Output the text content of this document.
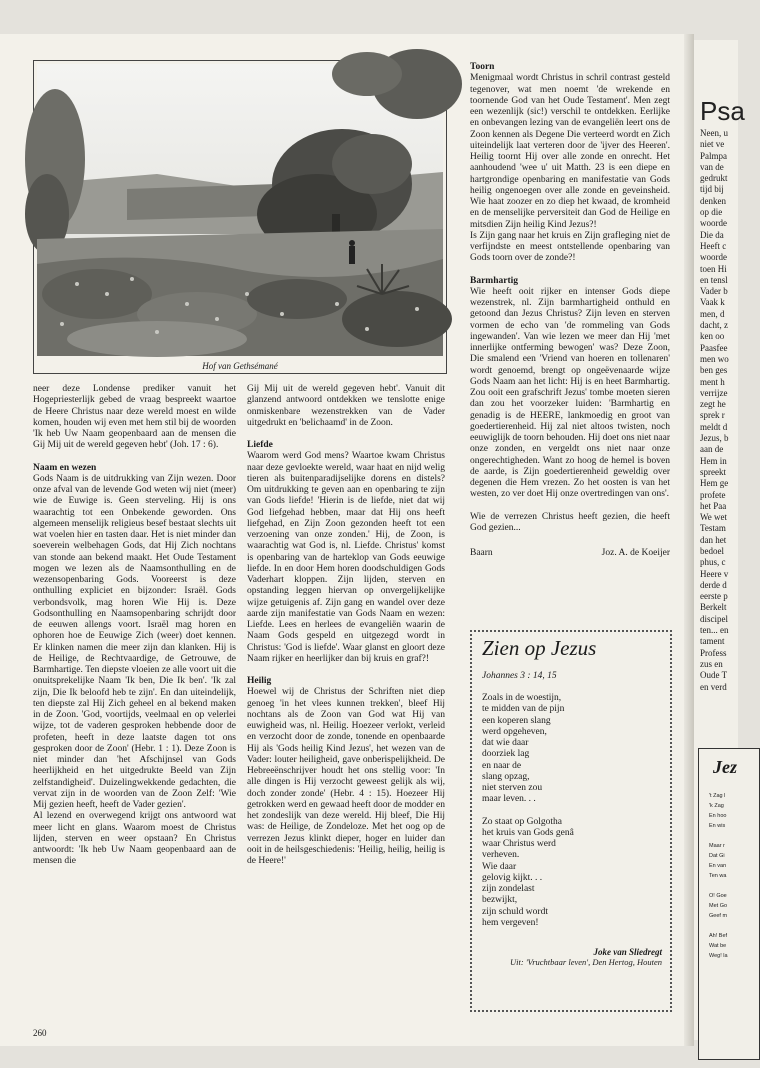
Hof van Gethsémané

neer deze Londense prediker vanuit het Hogepriesterlijk gebed de vraag bespreekt waartoe de Heere Christus naar deze wereld moest en wilde komen, houden wij even met hem stil bij de woorden 'Ik heb Uw Naam geopenbaard aan de mensen die Gij Mij uit de wereld gegeven hebt' (Joh. 17 : 6).

Naam en wezen

Gods Naam is de uitdrukking van Zijn wezen. Door onze afval van de levende God weten wij niet (meer) wie de Euwige is. Geen sterveling. Hij is ons waarachtig tot een Onbekende geworden. Ons algemeen menselijk religieus besef bestaat slechts uit wat voelen hier en tasten daar. Het is niet minder dan soeverein welbehagen Gods, dat Hij Zich nochtans van stonde aan bekend maakt. Het Oude Testament mogen we lezen als de Naamsonthulling en de wezensopenbaring Gods. Vooreerst is deze onthulling expliciet en bijzonder: Israël. Gods verbondsvolk, mag horen Wie Hij is. Deze Godsonthulling en Naamsopenbaring schrijdt door de eeuwen allengs voort. Israël mag horen en ophoren hoe de Eeuwige Zich (weer) doet kennen. Er klinken namen die meer zijn dan klanken. Hij is de Heilige, de Rechtvaardige, de Getrouwe, de Barmhartige. Ten diepste vloeien ze alle voort uit die onuitsprekelijke Naam 'Ik ben, Die Ik ben'. 'Ik zal zijn, Die Ik beloofd heb te zijn'. En dan uiteindelijk, ten diepste zal Hij Zich geheel en al bekend maken in de Zoon. 'God, voortijds, veelmaal en op velerlei wijze, tot de vaderen gesproken hebbende door de profeten, heeft in deze laatste dagen tot ons gesproken door de Zoon' (Hebr. 1 : 1). Deze Zoon is niet minder dan 'het Afschijnsel van Gods heerlijkheid en het uitgedrukte Beeld van Zijn zelfstandigheid'. Duizelingwekkende gedachten, die vervat zijn in de woorden van de Zoon Zelf: 'Wie Mij gezien heeft, heeft de Vader gezien'.

Al lezend en overwegend krijgt ons antwoord wat meer licht en glans. Waarom moest de Christus lijden, sterven en weer opstaan? En Christus antwoordt: 'Ik heb Uw Naam geopenbaard aan de mensen die

Gij Mij uit de wereld gegeven hebt'. Vanuit dit glanzend antwoord ontdekken we tenslotte enige onmiskenbare wezenstrekken van de Vader uitgedrukt en 'belichaamd' in de Zoon.

Liefde

Waarom werd God mens? Waartoe kwam Christus naar deze gevloekte wereld, waar haat en nijd welig tieren als buitenparadijselijke dorens en distels? Om uitdrukking te geven aan en openbaring te zijn van Gods liefde! 'Hierin is de liefde, niet dat wij God liefgehad hebben, maar dat Hij ons heeft liefgehad, en Zijn Zoon gezonden heeft tot een verzoening van onze zonden.' Hij, de Zoon, is waarachtig wat God is, nl. Liefde. Christus' komst is openbaring van de harteklop van Gods eeuwige liefde. In en door Hem horen doodschuldigen Gods Vaderhart kloppen. Zijn lijden, sterven en opstanding leggen hiervan op onvergelijkelijke wijze getuigenis af. Zijn gang en wandel over deze aarde zijn manifestatie van Gods Naam en wezen: Liefde. Lees en herlees de evangeliën waarin de Naam Gods gespeld en uitgezegd wordt in Christus: 'God is liefde'. Waar glanst en gloort deze Naam rijker en heerlijker dan bij kruis en graf?!

Heilig

Hoewel wij de Christus der Schriften niet diep genoeg 'in het vlees kunnen trekken', bleef Hij nochtans als de Zoon van God wat Hij van euwigheid was, nl. Heilig. Hoezeer verlokt, verleid en verzocht door de zonde, tonende en openbaarde Hij als 'Gods heilig Kind Jezus', het wezen van de Vader: louter heiligheid, gave onberispelijkheid. De Hebreeënschrijver houdt het ons stellig voor: 'In alle dingen is Hij verzocht geweest gelijk als wij, doch zonder zonde' (Hebr. 4 : 15). Hoezeer Hij getrokken werd en gewaad heeft door de modder en het zondeslijk van deze wereld. Hij bleef, Die Hij was: de Heilige, de Zondeloze. Met het oog op de verrezen Jezus klinkt dieper, hoger en luider dan ooit in de heilsgeschiedenis: 'Heilig, heilig, heilig is de Heere!'

Toorn

Menigmaal wordt Christus in schril contrast gesteld tegenover, wat men noemt 'de wrekende en toornende God van het Oude Testament'. Men zegt een wezenlijk (sic!) verschil te ontdekken. Eerlijke en onbevangen lezing van de evangeliën leert ons de Zoon kennen als Degene Die verteerd wordt en Zich uiteindelijk laat verteren door de 'ijver des Heeren'. Heilig toornt Hij over alle zonde en onrecht. Het aanhoudend 'wee u' uit Matth. 23 is een diepe en hartgrondige openbaring en manifestatie van Gods heilig ongenoegen over alle zonde en geveinsheid. Wie haat zoozer en zo diep het kwaad, de kromheid en de menselijke perversiteit dan God de Heilige en mitsdien Zijn heilig Kind Jezus?!

Is Zijn gang naar het kruis en Zijn grafleging niet de verfijndste en meest ontstellende openbaring van Gods toorn over de zonde?!

Barmhartig

Wie heeft ooit rijker en intenser Gods diepe wezenstrek, nl. Zijn barmhartigheid onthuld en getoond dan Jezus Christus? Zijn leven en sterven vormen de echo van 'de rommeling van Gods ingewanden'. Van wie lezen we meer dan Hij 'met innerlijke ontferming bewogen' was? Deze Zoon, Die smalend een 'Vriend van hoeren en tollenaren' wordt genoemd, brengt op ongeëvenaarde wijze Gods Naam aan het licht: Hij is en heet Barmhartig. Zou ooit een grafschrift Jezus' tombe moeten sieren dan zou het voorzeker luiden: 'Barmhartig en genadig is de HEERE, lankmoedig en groot van goedertierenheid. Hij zal niet altoos twisten, noch eeuwiglijk de toorn behouden. Hij doet ons niet naar onze zonden, en vergeldt ons niet naar onze ongerechtigheden. Want zo hoog de hemel is boven de aarde, is Zijn goedertierenheid geweldig over degenen die Hem vrezen. Zo het oosten is van het westen, zo ver doet Hij onze overtredingen van ons'.

Wie de verrezen Christus heeft gezien, die heeft God gezien...

Baarn	Joz. A. de Koeijer
Zien op Jezus
Johannes 3 : 14, 15
Zoals in de woestijn,
te midden van de pijn
een koperen slang
werd opgeheven,
dat wie daar
doorziek lag
en naar de
slang opzag,
niet sterven zou
maar leven. . .
Zo staat op Golgotha
het kruis van Gods genâ
waar Christus werd
verheven.
Wie daar
gelovig kijkt. . .
zijn zondelast
bezwijkt,
zijn schuld wordt
hem vergeven!
Joke van Sliedregt
Uit: 'Vruchtbaar leven', Den Hertog, Houten
260
Psa
Neen, u
niet ve
Palmpa
van de
gedrukt
tijd bij
denken
op die
woorde
Die da
Heeft c
woorde
toen Hi
en tensl
Vader b
Vaak k
men, d
dacht, z
ken oo
Paasfee
men wo
ben ges
ment h
verrijze
zegt he
sprek r
meldt d
Jezus, b
aan de
Hem in
spreekt
Hem ge
profete
het Paa
We wet
Testam
dan het
bedoel
phus, c
Heere v
derde d
eerste p
Berkelt
discipel
ten... en
tament
Profess
zus en
Oude T
en verd
Jez
't Zag l
'k Zag
En hoo
En wis

Maar r
Dat Gi
En van
Ten wa

O! Goe
Met Go
Geef m

Ah! Bef
Wat be
Weg! la
